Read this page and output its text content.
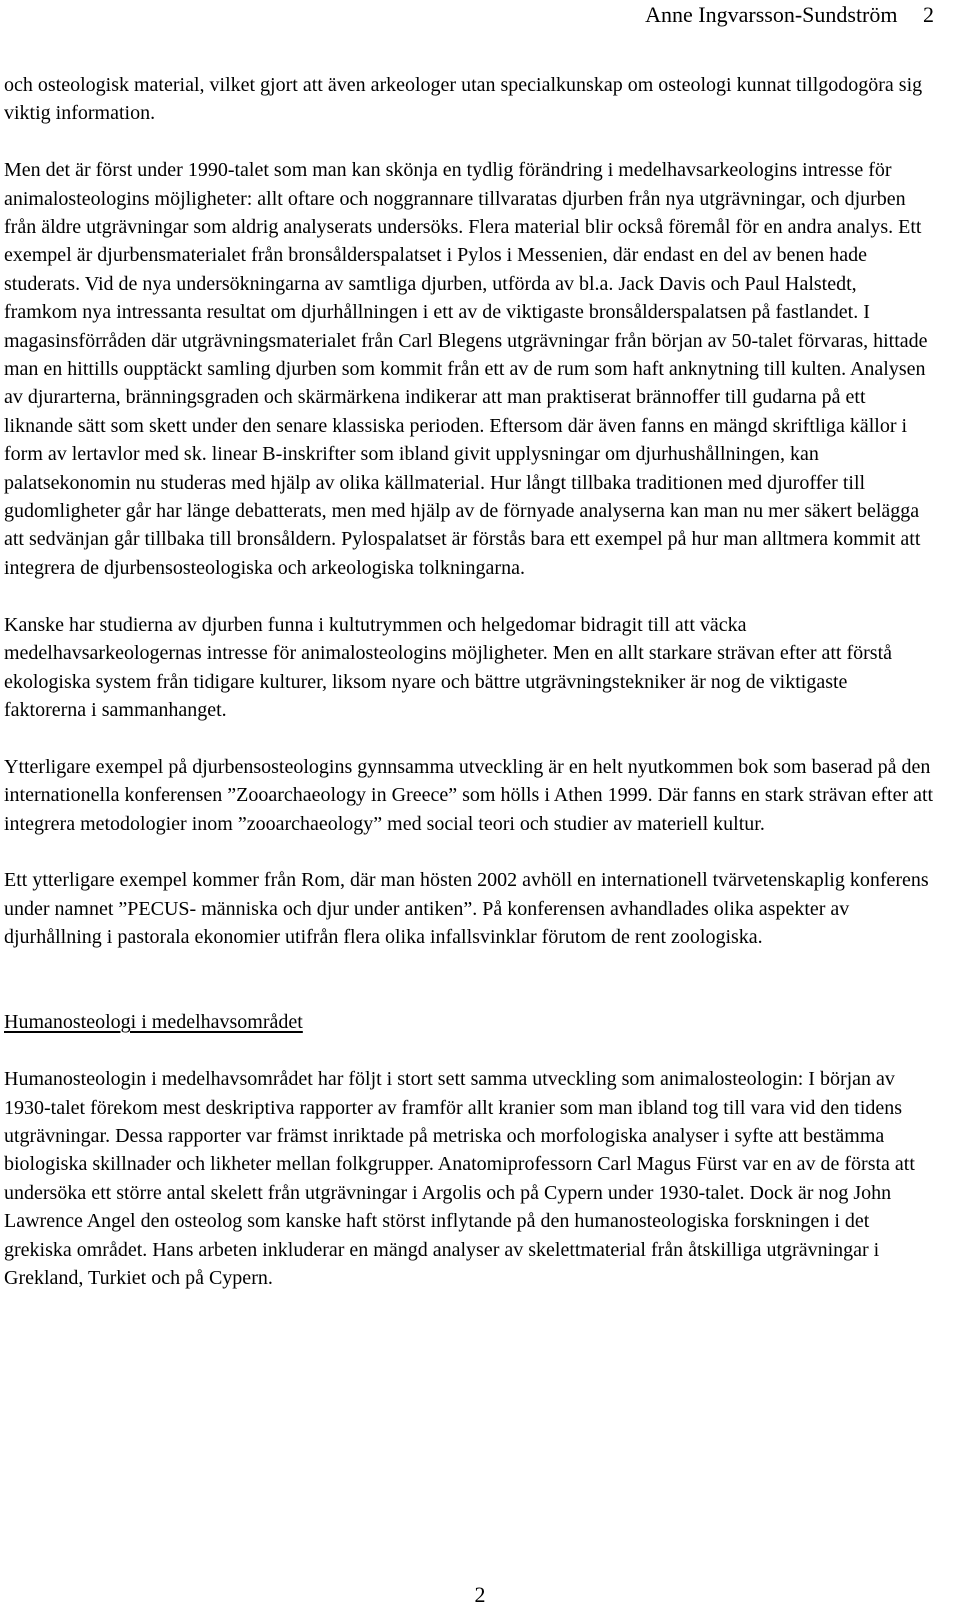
Anne Ingvarsson-Sundström 2

och osteologisk material, vilket gjort att även arkeologer utan specialkunskap om osteologi kunnat tillgodogöra sig viktig information.

Men det är först under 1990-talet som man kan skönja en tydlig förändring i medelhavsarkeologins intresse för animalosteologins möjligheter: allt oftare och noggrannare tillvaratas djurben från nya utgrävningar, och djurben från äldre utgrävningar som aldrig analyserats undersöks. Flera material blir också föremål för en andra analys. Ett exempel är djurbensmaterialet från bronsålderspalatset i Pylos i Messenien, där endast en del av benen hade studerats. Vid de nya undersökningarna av samtliga djurben, utförda av bl.a. Jack Davis och Paul Halstedt, framkom nya intressanta resultat om djurhållningen i ett av de viktigaste bronsålderspalatsen på fastlandet. I magasinsförråden där utgrävningsmaterialet från Carl Blegens utgrävningar från början av 50-talet förvaras, hittade man en hittills oupptäckt samling djurben som kommit från ett av de rum som haft anknytning till kulten. Analysen av djurarterna, bränningsgraden och skärmärkena indikerar att man praktiserat brännoffer till gudarna på ett liknande sätt som skett under den senare klassiska perioden. Eftersom där även fanns en mängd skriftliga källor i form av lertavlor med sk. linear B-inskrifter som ibland givit upplysningar om djurhushållningen, kan palatsekonomin nu studeras med hjälp av olika källmaterial. Hur långt tillbaka traditionen med djuroffer till gudomligheter går har länge debatterats, men med hjälp av de förnyade analyserna kan man nu mer säkert belägga att sedvänjan går tillbaka till bronsåldern. Pylospalatset är förstås bara ett exempel på hur man alltmera kommit att integrera de djurbensosteologiska och arkeologiska tolkningarna.

Kanske har studierna av djurben funna i kultutrymmen och helgedomar bidragit till att väcka medelhavsarkeologernas intresse för animalosteologins möjligheter. Men en allt starkare strävan efter att förstå ekologiska system från tidigare kulturer, liksom nyare och bättre utgrävningstekniker är nog de viktigaste faktorerna i sammanhanget.

Ytterligare exempel på djurbensosteologins gynnsamma utveckling är en helt nyutkommen bok som baserad på den internationella konferensen ”Zooarchaeology in Greece” som hölls i Athen 1999. Där fanns en stark strävan efter att integrera metodologier inom ”zooarchaeology” med social teori och studier av materiell kultur.

Ett ytterligare exempel kommer från Rom, där man hösten 2002 avhöll en internationell tvärvetenskaplig konferens under namnet ”PECUS- människa och djur under antiken”. På konferensen avhandlades olika aspekter av djurhållning i pastorala ekonomier utifrån flera olika infallsvinklar förutom de rent zoologiska.

Humanosteologi i medelhavsområdet

Humanosteologin i medelhavsområdet har följt i stort sett samma utveckling som animalosteologin: I början av 1930-talet förekom mest deskriptiva rapporter av framför allt kranier som man ibland tog till vara vid den tidens utgrävningar. Dessa rapporter var främst inriktade på metriska och morfologiska analyser i syfte att bestämma biologiska skillnader och likheter mellan folkgrupper. Anatomiprofessorn Carl Magus Fürst var en av de första att undersöka ett större antal skelett från utgrävningar i Argolis och på Cypern under 1930-talet. Dock är nog John Lawrence Angel den osteolog som kanske haft störst inflytande på den humanosteologiska forskningen i det grekiska området. Hans arbeten inkluderar en mängd analyser av skelettmaterial från åtskilliga utgrävningar i Grekland, Turkiet och på Cypern.

2
